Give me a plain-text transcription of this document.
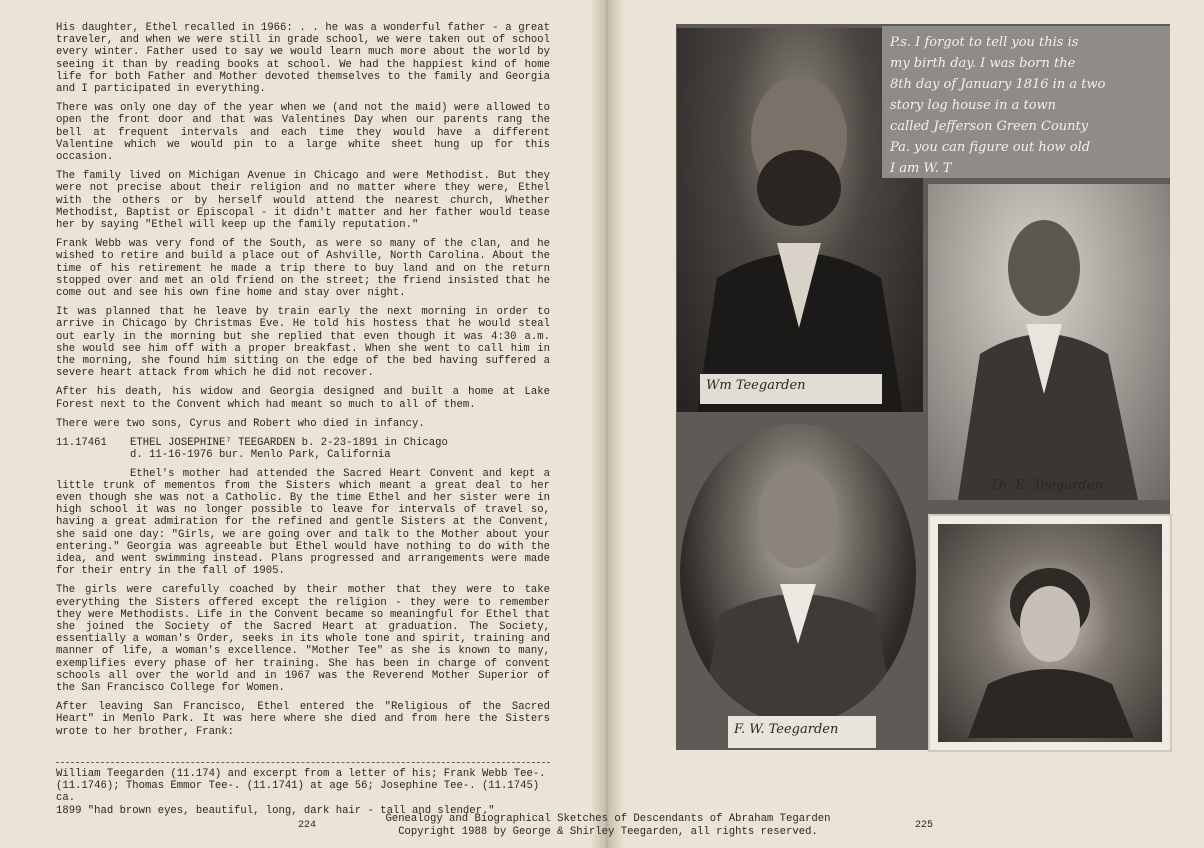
His daughter, Ethel recalled in 1966: . . he was a wonderful father - a great traveler, and when we were still in grade school, we were taken out of school every winter. Father used to say we would learn much more about the world by seeing it than by reading books at school. We had the happiest kind of home life for both Father and Mother devoted themselves to the family and Georgia and I participated in everything.

There was only one day of the year when we (and not the maid) were allowed to open the front door and that was Valentines Day when our parents rang the bell at frequent intervals and each time they would have a different Valentine which we would pin to a large white sheet hung up for this occasion.

The family lived on Michigan Avenue in Chicago and were Methodist. But they were not precise about their religion and no matter where they were, Ethel with the others or by herself would attend the nearest church, Whether Methodist, Baptist or Episcopal - it didn't matter and her father would tease her by saying "Ethel will keep up the family reputation."

Frank Webb was very fond of the South, as were so many of the clan, and he wished to retire and build a place out of Ashville, North Carolina. About the time of his retirement he made a trip there to buy land and on the return stopped over and met an old friend on the street; the friend insisted that he come out and see his own fine home and stay over night.

It was planned that he leave by train early the next morning in order to arrive in Chicago by Christmas Eve. He told his hostess that he would steal out early in the morning but she replied that even though it was 4:30 a.m. she would see him off with a proper breakfast. When she went to call him in the morning, she found him sitting on the edge of the bed having suffered a severe heart attack from which he did not recover.

After his death, his widow and Georgia designed and built a home at Lake Forest next to the Convent which had meant so much to all of them.

There were two sons, Cyrus and Robert who died in infancy.

11.17461	ETHEL JOSEPHINE⁷ TEEGARDEN b. 2-23-1891 in Chicago
d. 11-16-1976 bur. Menlo Park, California

Ethel's mother had attended the Sacred Heart Convent and kept a little trunk of mementos from the Sisters which meant a great deal to her even though she was not a Catholic. By the time Ethel and her sister were in high school it was no longer possible to leave for intervals of travel so, having a great admiration for the refined and gentle Sisters at the Convent, she said one day: "Girls, we are going over and talk to the Mother about your entering." Georgia was agreeable but Ethel would have nothing to do with the idea, and went swimming instead. Plans progressed and arrangements were made for their entry in the fall of 1905.

The girls were carefully coached by their mother that they were to take everything the Sisters offered except the religion - they were to remember they were Methodists. Life in the Convent became so meaningful for Ethel that she joined the Society of the Sacred Heart at graduation. The Society, essentially a woman's Order, seeks in its whole tone and spirit, training and manner of life, a woman's excellence. "Mother Tee" as she is known to many, exemplifies every phase of her training. She has been in charge of convent schools all over the world and in 1967 was the Reverend Mother Superior of the San Francisco College for Women.

After leaving San Francisco, Ethel entered the "Religious of the Sacred Heart" in Menlo Park. It was here where she died and from here the Sisters wrote to her brother, Frank:

William Teegarden (11.174) and excerpt from a letter of his; Frank Webb Tee-.

(11.1746); Thomas Emmor Tee-. (11.1741) at age 56; Josephine Tee-. (11.1745) ca.

1899 "had brown eyes, beautiful, long, dark hair - tall and slender."

224	225
Genealogy and Biographical Sketches of Descendants of Abraham Tegarden
Copyright 1988 by George & Shirley Teegarden, all rights reserved.
Wm Teegarden
P.s. I forgot to tell you this is
my birth day. I was born the
8th day of January 1816 in a two
story log house in a town
called Jefferson Green County
Pa. you can figure out how old
I am W. T
Th. E. Teegarden
F. W. Teegarden
